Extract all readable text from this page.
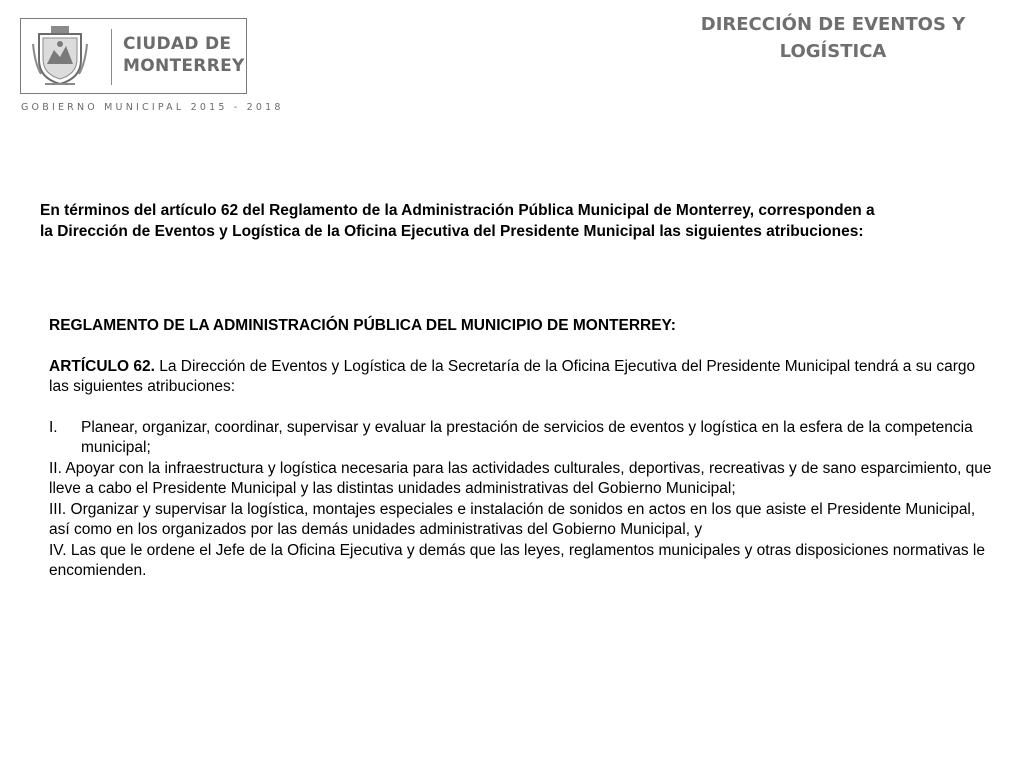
CIUDAD DE
MONTERREY
GOBIERNO MUNICIPAL 2015 - 2018
DIRECCIÓN DE EVENTOS Y
LOGÍSTICA
En términos del artículo 62 del Reglamento de la Administración Pública Municipal de Monterrey, corresponden a
la Dirección de Eventos y Logística de la Oficina Ejecutiva del Presidente Municipal las siguientes atribuciones:
REGLAMENTO DE LA ADMINISTRACIÓN PÚBLICA DEL MUNICIPIO DE MONTERREY:
ARTÍCULO 62. La Dirección de Eventos y Logística de la Secretaría de la Oficina Ejecutiva del Presidente Municipal tendrá a su cargo las siguientes atribuciones:
I.	Planear, organizar, coordinar, supervisar y evaluar la prestación de servicios de eventos y logística en la esfera de la competencia municipal;
II. Apoyar con la infraestructura y logística necesaria para las actividades culturales, deportivas, recreativas y de sano esparcimiento, que lleve a cabo el Presidente Municipal y las distintas unidades administrativas del Gobierno Municipal;
III. Organizar y supervisar la logística, montajes especiales e instalación de sonidos en actos en los que asiste el Presidente Municipal, así como en los organizados por las demás unidades administrativas del Gobierno Municipal, y
IV. Las que le ordene el Jefe de la Oficina Ejecutiva y demás que las leyes, reglamentos municipales y otras disposiciones normativas le encomienden.
